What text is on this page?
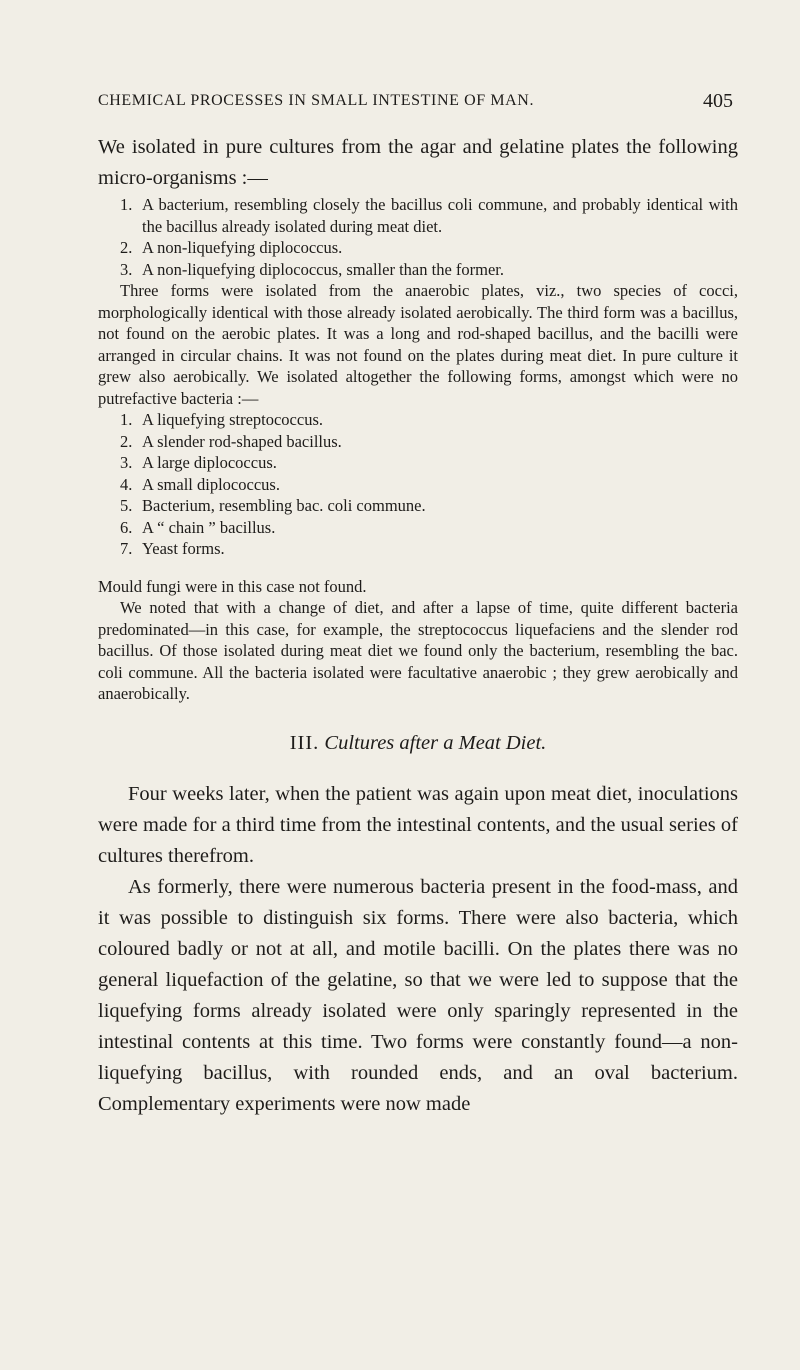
CHEMICAL PROCESSES IN SMALL INTESTINE OF MAN.	405

We isolated in pure cultures from the agar and gelatine plates the following micro-organisms :—

1. A bacterium, resembling closely the bacillus coli commune, and probably identical with the bacillus already isolated during meat diet.
2. A non-liquefying diplococcus.
3. A non-liquefying diplococcus, smaller than the former.

Three forms were isolated from the anaerobic plates, viz., two species of cocci, morphologically identical with those already isolated aerobically. The third form was a bacillus, not found on the aerobic plates. It was a long and rod-shaped bacillus, and the bacilli were arranged in circular chains. It was not found on the plates during meat diet. In pure culture it grew also aerobically. We isolated altogether the following forms, amongst which were no putrefactive bacteria :—

1. A liquefying streptococcus.
2. A slender rod-shaped bacillus.
3. A large diplococcus.
4. A small diplococcus.
5. Bacterium, resembling bac. coli commune.
6. A “ chain ” bacillus.
7. Yeast forms.

Mould fungi were in this case not found.

We noted that with a change of diet, and after a lapse of time, quite different bacteria predominated—in this case, for example, the streptococcus liquefaciens and the slender rod bacillus. Of those isolated during meat diet we found only the bacterium, resembling the bac. coli commune. All the bacteria isolated were facultative anaerobic ; they grew aerobically and anaerobically.

III. Cultures after a Meat Diet.

Four weeks later, when the patient was again upon meat diet, inoculations were made for a third time from the intestinal contents, and the usual series of cultures therefrom.

As formerly, there were numerous bacteria present in the food-mass, and it was possible to distinguish six forms. There were also bacteria, which coloured badly or not at all, and motile bacilli. On the plates there was no general liquefaction of the gelatine, so that we were led to suppose that the liquefying forms already isolated were only sparingly represented in the intestinal contents at this time. Two forms were constantly found—a non-liquefying bacillus, with rounded ends, and an oval bacterium. Complementary experiments were now made
